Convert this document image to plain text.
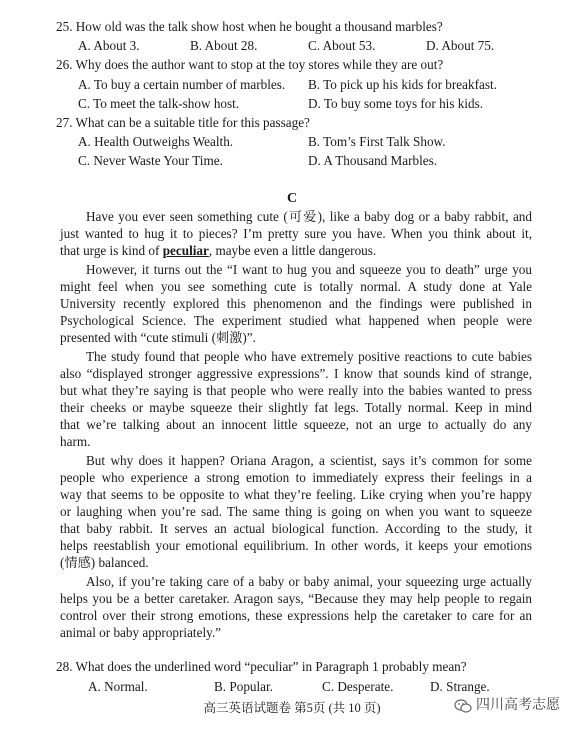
25. How old was the talk show host when he bought a thousand marbles?
A. About 3.	B. About 28.	C. About 53.	D. About 75.
26. Why does the author want to stop at the toy stores while they are out?
A. To buy a certain number of marbles. B. To pick up his kids for breakfast.
C. To meet the talk-show host.	D. To buy some toys for his kids.
27. What can be a suitable title for this passage?
A. Health Outweighs Wealth.	B. Tom’s First Talk Show.
C. Never Waste Your Time.	D. A Thousand Marbles.
C
Have you ever seen something cute (可爱), like a baby dog or a baby rabbit, and
just wanted to hug it to pieces? I’m pretty sure you have. When you think about it,
that urge is kind of peculiar, maybe even a little dangerous.
However, it turns out the “I want to hug you and squeeze you to death” urge you
might feel when you see something cute is totally normal. A study done at Yale
University recently explored this phenomenon and the findings were published in
Psychological Science. The experiment studied what happened when people were
presented with “cute stimuli (刺激)”.
The study found that people who have extremely positive reactions to cute babies
also “displayed stronger aggressive expressions”. I know that sounds kind of strange,
but what they’re saying is that people who were really into the babies wanted to press
their cheeks or maybe squeeze their slightly fat legs. Totally normal. Keep in mind
that we’re talking about an innocent little squeeze, not an urge to actually do any
harm.
But why does it happen? Oriana Aragon, a scientist, says it’s common for some
people who experience a strong emotion to immediately express their feelings in a
way that seems to be opposite to what they’re feeling. Like crying when you’re happy
or laughing when you’re sad. The same thing is going on when you want to squeeze
that baby rabbit. It serves an actual biological function. According to the study, it
helps reestablish your emotional equilibrium. In other words, it keeps your emotions
(情感) balanced.
Also, if you’re taking care of a baby or baby animal, your squeezing urge actually
helps you be a better caretaker. Aragon says, “Because they may help people to regain
control over their strong emotions, these expressions help the caretaker to care for an
animal or baby appropriately.”
28. What does the underlined word “peculiar” in Paragraph 1 probably mean?
A. Normal.	B. Popular.	C. Desperate.	D. Strange.
高三英语试题卷 第5页 (共 10 页)	四川高考志愿
